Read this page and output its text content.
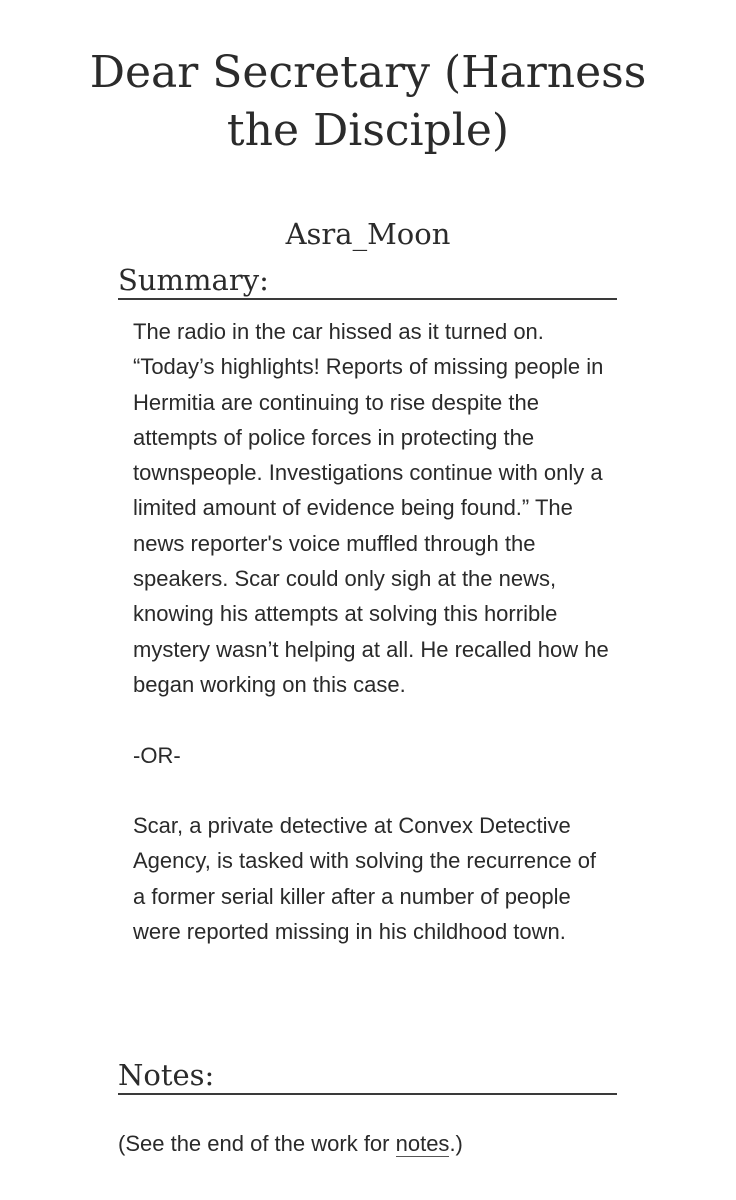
Dear Secretary (Harness the Disciple)
Asra_Moon
Summary:

The radio in the car hissed as it turned on. “Today’s highlights! Reports of missing people in Hermitia are continuing to rise despite the attempts of police forces in protecting the townspeople. Investigations continue with only a limited amount of evidence being found.” The news reporter's voice muffled through the speakers. Scar could only sigh at the news, knowing his attempts at solving this horrible mystery wasn’t helping at all. He recalled how he began working on this case.

-OR-

Scar, a private detective at Convex Detective Agency, is tasked with solving the recurrence of a former serial killer after a number of people were reported missing in his childhood town.

Notes:
(See the end of the work for notes.)
